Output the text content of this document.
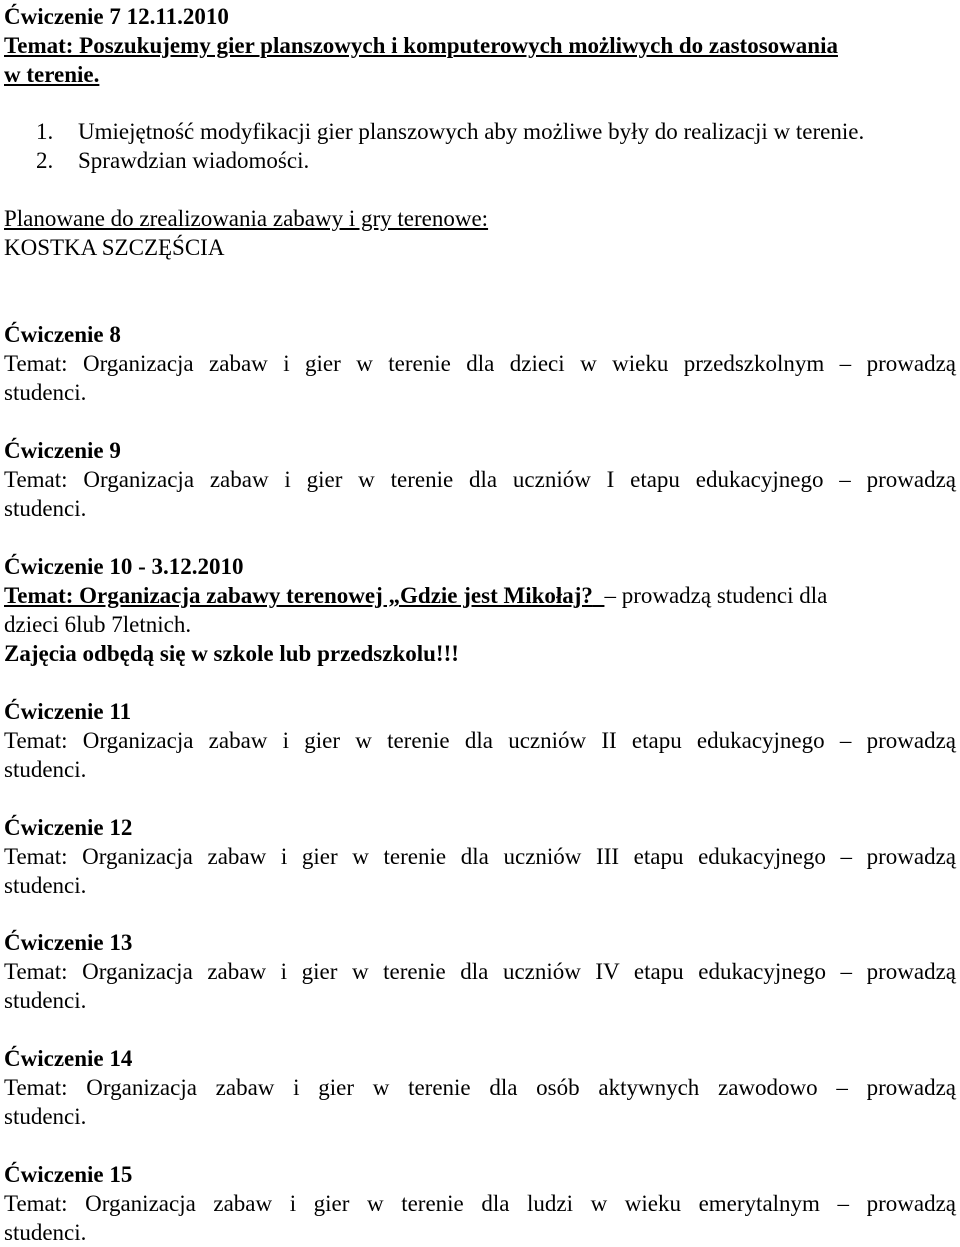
Ćwiczenie 7 12.11.2010
Temat: Poszukujemy gier planszowych i komputerowych możliwych do zastosowania
w terenie.
1. Umiejętność modyfikacji gier planszowych aby możliwe były do realizacji w terenie.
2. Sprawdzian wiadomości.
Planowane do zrealizowania zabawy i gry terenowe:
KOSTKA SZCZĘŚCIA
Ćwiczenie 8
Temat: Organizacja zabaw i gier w terenie dla dzieci w wieku przedszkolnym – prowadzą
studenci.
Ćwiczenie 9
Temat: Organizacja zabaw i gier w terenie dla uczniów I etapu edukacyjnego – prowadzą
studenci.
Ćwiczenie 10 - 3.12.2010
Temat: Organizacja zabawy terenowej „Gdzie jest Mikołaj? – prowadzą studenci dla
dzieci 6lub 7letnich.
Zajęcia odbędą się w szkole lub przedszkolu!!!
Ćwiczenie 11
Temat: Organizacja zabaw i gier w terenie dla uczniów II etapu edukacyjnego – prowadzą
studenci.
Ćwiczenie 12
Temat: Organizacja zabaw i gier w terenie dla uczniów III etapu edukacyjnego – prowadzą
studenci.
Ćwiczenie 13
Temat: Organizacja zabaw i gier w terenie dla uczniów IV etapu edukacyjnego – prowadzą
studenci.
Ćwiczenie 14
Temat: Organizacja zabaw i gier w terenie dla osób aktywnych zawodowo – prowadzą
studenci.
Ćwiczenie 15
Temat: Organizacja zabaw i gier w terenie dla ludzi w wieku emerytalnym – prowadzą
studenci.
